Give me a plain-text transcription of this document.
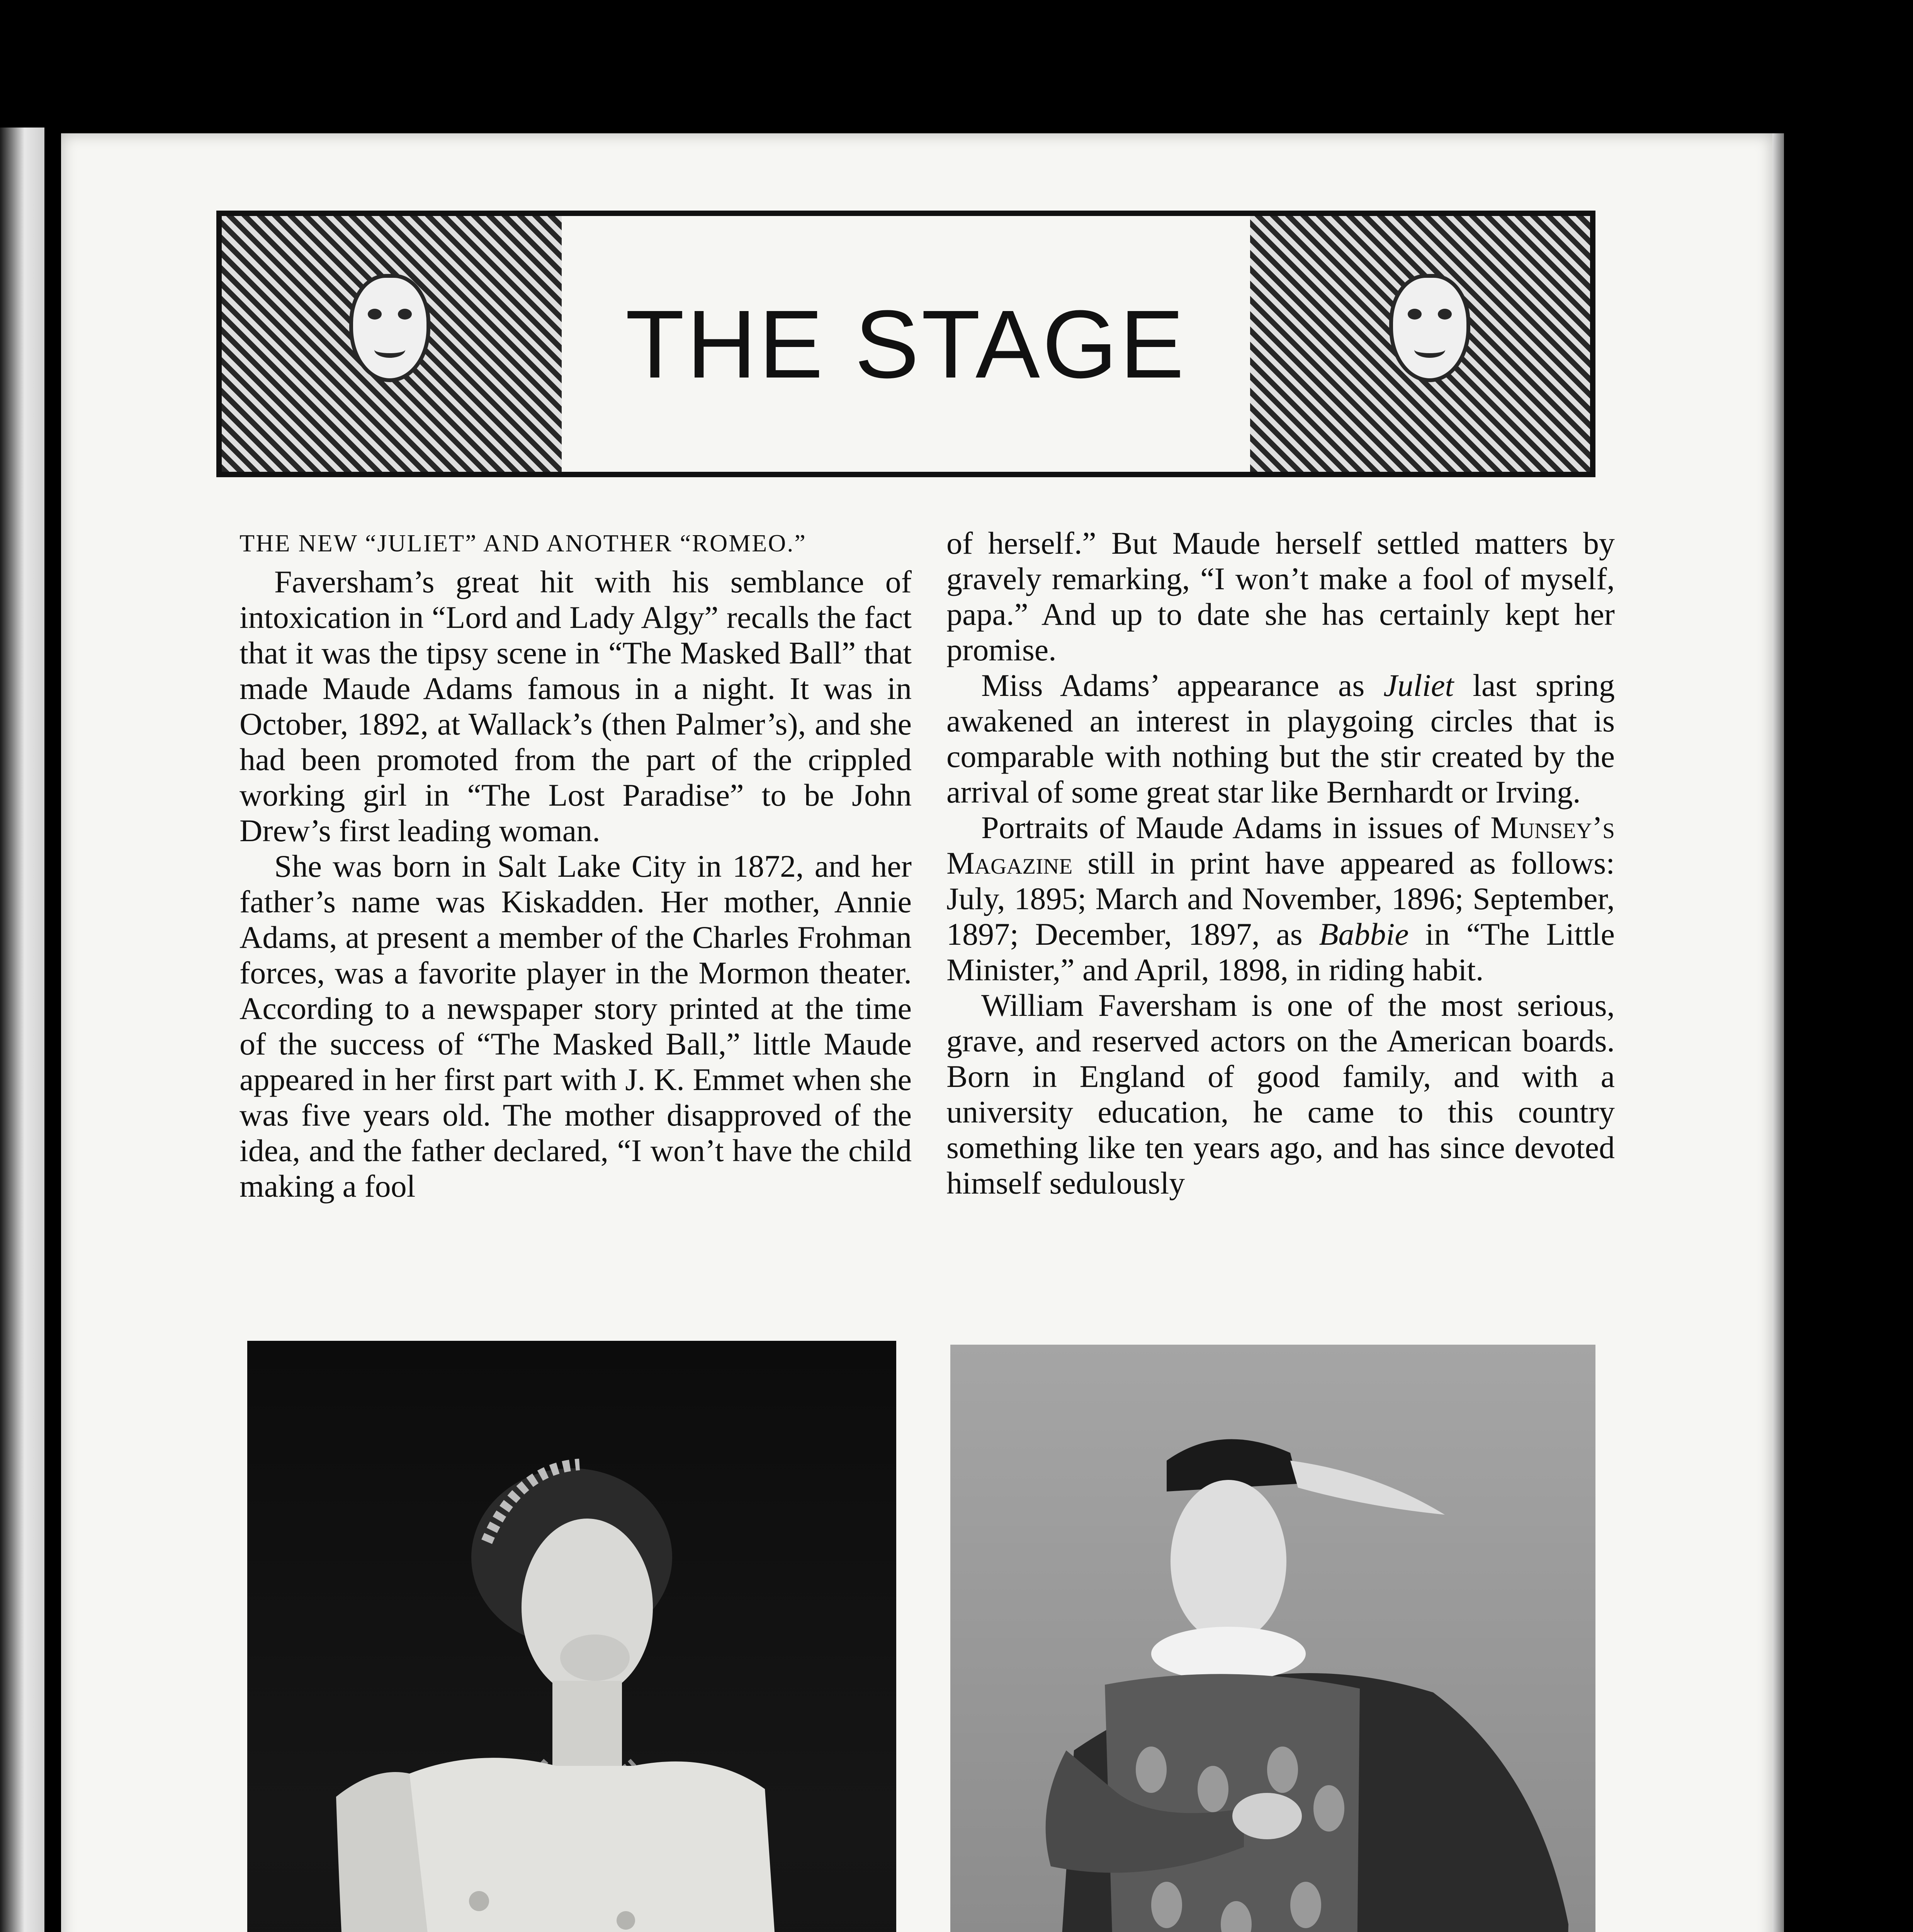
THE STAGE
THE NEW “JULIET” AND ANOTHER “ROMEO.”

Faversham’s great hit with his semblance of intoxication in “Lord and Lady Algy” recalls the fact that it was the tipsy scene in “The Masked Ball” that made Maude Adams famous in a night. It was in October, 1892, at Wallack’s (then Palmer’s), and she had been promoted from the part of the crippled working girl in “The Lost Paradise” to be John Drew’s first leading woman.

She was born in Salt Lake City in 1872, and her father’s name was Kiskadden. Her mother, Annie Adams, at present a member of the Charles Frohman forces, was a favorite player in the Mormon theater. According to a newspaper story printed at the time of the success of “The Masked Ball,” little Maude appeared in her first part with J. K. Emmet when she was five years old. The mother disapproved of the idea, and the father declared, “I won’t have the child making a fool

of herself.” But Maude herself settled matters by gravely remarking, “I won’t make a fool of myself, papa.” And up to date she has certainly kept her promise.

Miss Adams’ appearance as Juliet last spring awakened an interest in playgoing circles that is comparable with nothing but the stir created by the arrival of some great star like Bernhardt or Irving.

Portraits of Maude Adams in issues of Munsey’s Magazine still in print have appeared as follows: July, 1895; March and November, 1896; September, 1897; December, 1897, as Babbie in “The Little Minister,” and April, 1898, in riding habit.

William Faversham is one of the most serious, grave, and reserved actors on the American boards. Born in England of good family, and with a university education, he came to this country something like ten years ago, and has since devoted himself sedulously
